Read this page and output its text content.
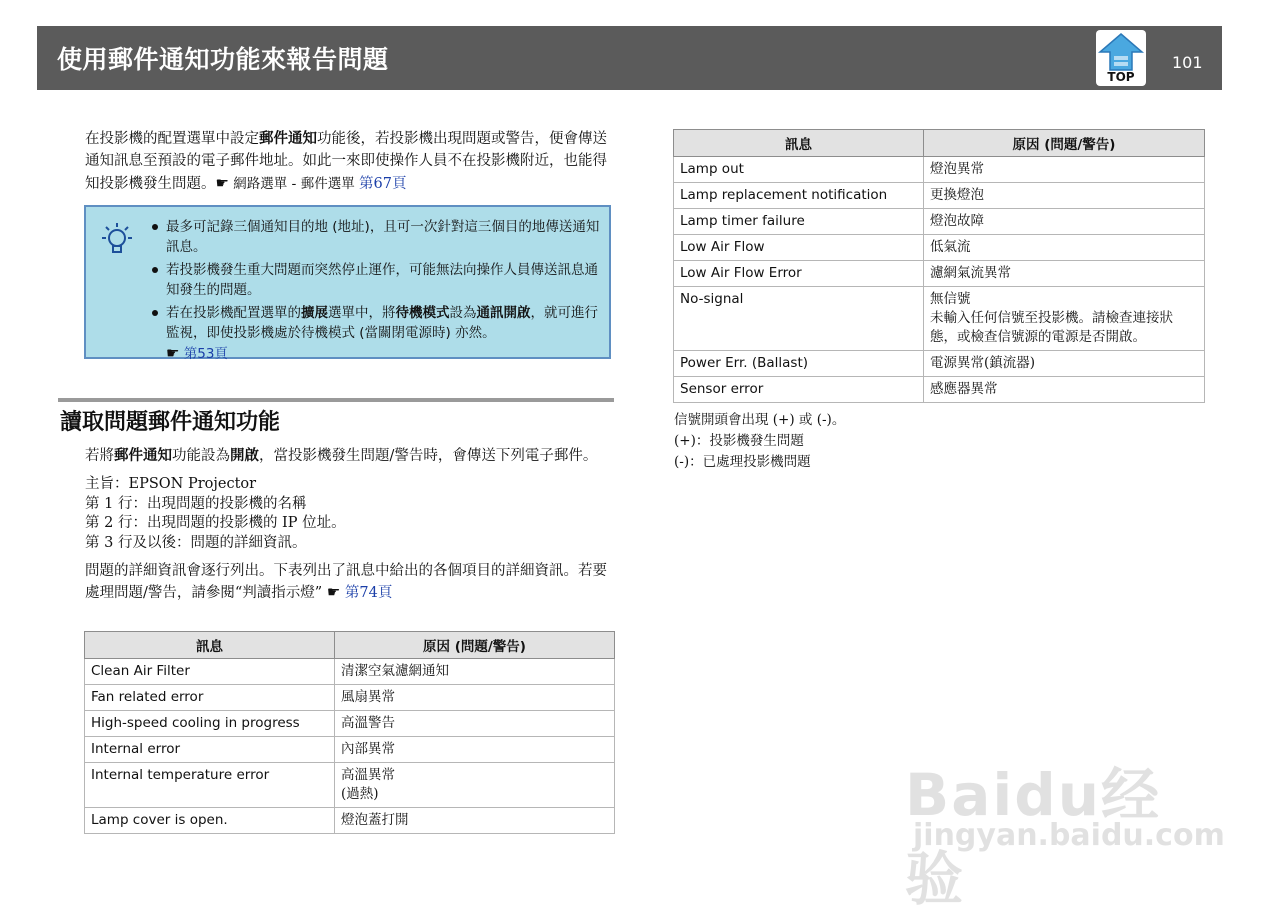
使用郵件通知功能來報告問題
TOP
101
在投影機的配置選單中設定郵件通知功能後，若投影機出現問題或警告，便會傳送通知訊息至預設的電子郵件地址。如此一來即使操作人員不在投影機附近，也能得知投影機發生問題。☛ 網路選單 - 郵件選單 第67頁
最多可記錄三個通知目的地 (地址)，且可一次針對這三個目的地傳送通知訊息。
若投影機發生重大問題而突然停止運作，可能無法向操作人員傳送訊息通知發生的問題。
若在投影機配置選單的擴展選單中，將待機模式設為通訊開啟，就可進行監視，即使投影機處於待機模式 (當關閉電源時) 亦然。
☛ 第53頁
讀取問題郵件通知功能

若將郵件通知功能設為開啟，當投影機發生問題/警告時，會傳送下列電子郵件。

主旨：EPSON Projector
第 1 行：出現問題的投影機的名稱
第 2 行：出現問題的投影機的 IP 位址。
第 3 行及以後：問題的詳細資訊。

問題的詳細資訊會逐行列出。下表列出了訊息中給出的各個項目的詳細資訊。若要處理問題/警告，請參閱“判讀指示燈” ☛ 第74頁

訊息	原因 (問題/警告)
Clean Air Filter	清潔空氣濾網通知

Fan related error	風扇異常

High-speed cooling in progress	高溫警告

Internal error	內部異常

Internal temperature error	高溫異常
(過熱)

Lamp cover is open.	燈泡蓋打開
訊息	原因 (問題/警告)
Lamp out	燈泡異常

Lamp replacement notification	更換燈泡

Lamp timer failure	燈泡故障

Low Air Flow	低氣流

Low Air Flow Error	濾網氣流異常

No-signal	無信號
未輸入任何信號至投影機。請檢查連接狀態，或檢查信號源的電源是否開啟。

Power Err. (Ballast)	電源異常(鎮流器)

Sensor error	感應器異常
信號開頭會出現 (+) 或 (-)。
(+)：投影機發生問題
(-)：已處理投影機問題
Baidu经验
jingyan.baidu.com
